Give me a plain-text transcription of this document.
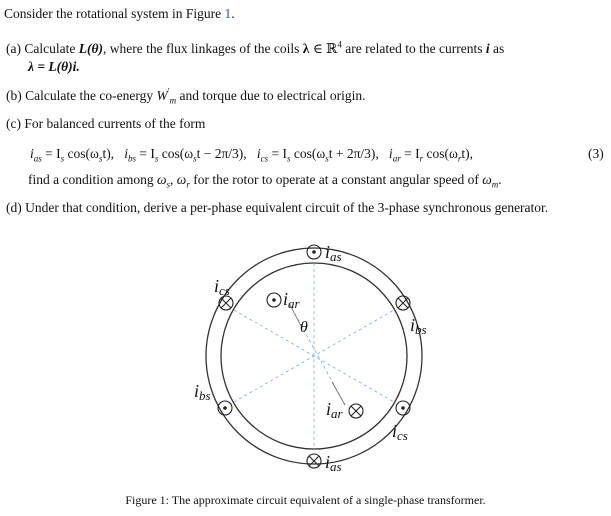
Consider the rotational system in Figure 1.
(a) Calculate L(θ), where the flux linkages of the coils λ ∈ ℝ$^4$ are related to the currents i as
λ = L(θ)i.
(b) Calculate the co-energy $W'_m$ and torque due to electrical origin.
(c) For balanced currents of the form
$i_{as} = I_s$ $\cos(\omega_st)$, $i_{bs} = I_s$ $\cos(\omega_st - 2\pi/3)$, $i_{cs} = I_s$ $\cos(\omega_st + 2\pi/3)$, $i_{ar} = I_r$ $\cos(\omega_rt)$,	(3)
find a condition among $\omega_s$, $\omega_r$ for the rotor to operate at a constant angular speed of $\omega_m$.
(d) Under that condition, derive a per-phase equivalent circuit of the 3-phase synchronous generator.
ias
ics	iar
θ	ibs
ibs
iar
ics
ias
Figure 1: The approximate circuit equivalent of a single-phase transformer.
